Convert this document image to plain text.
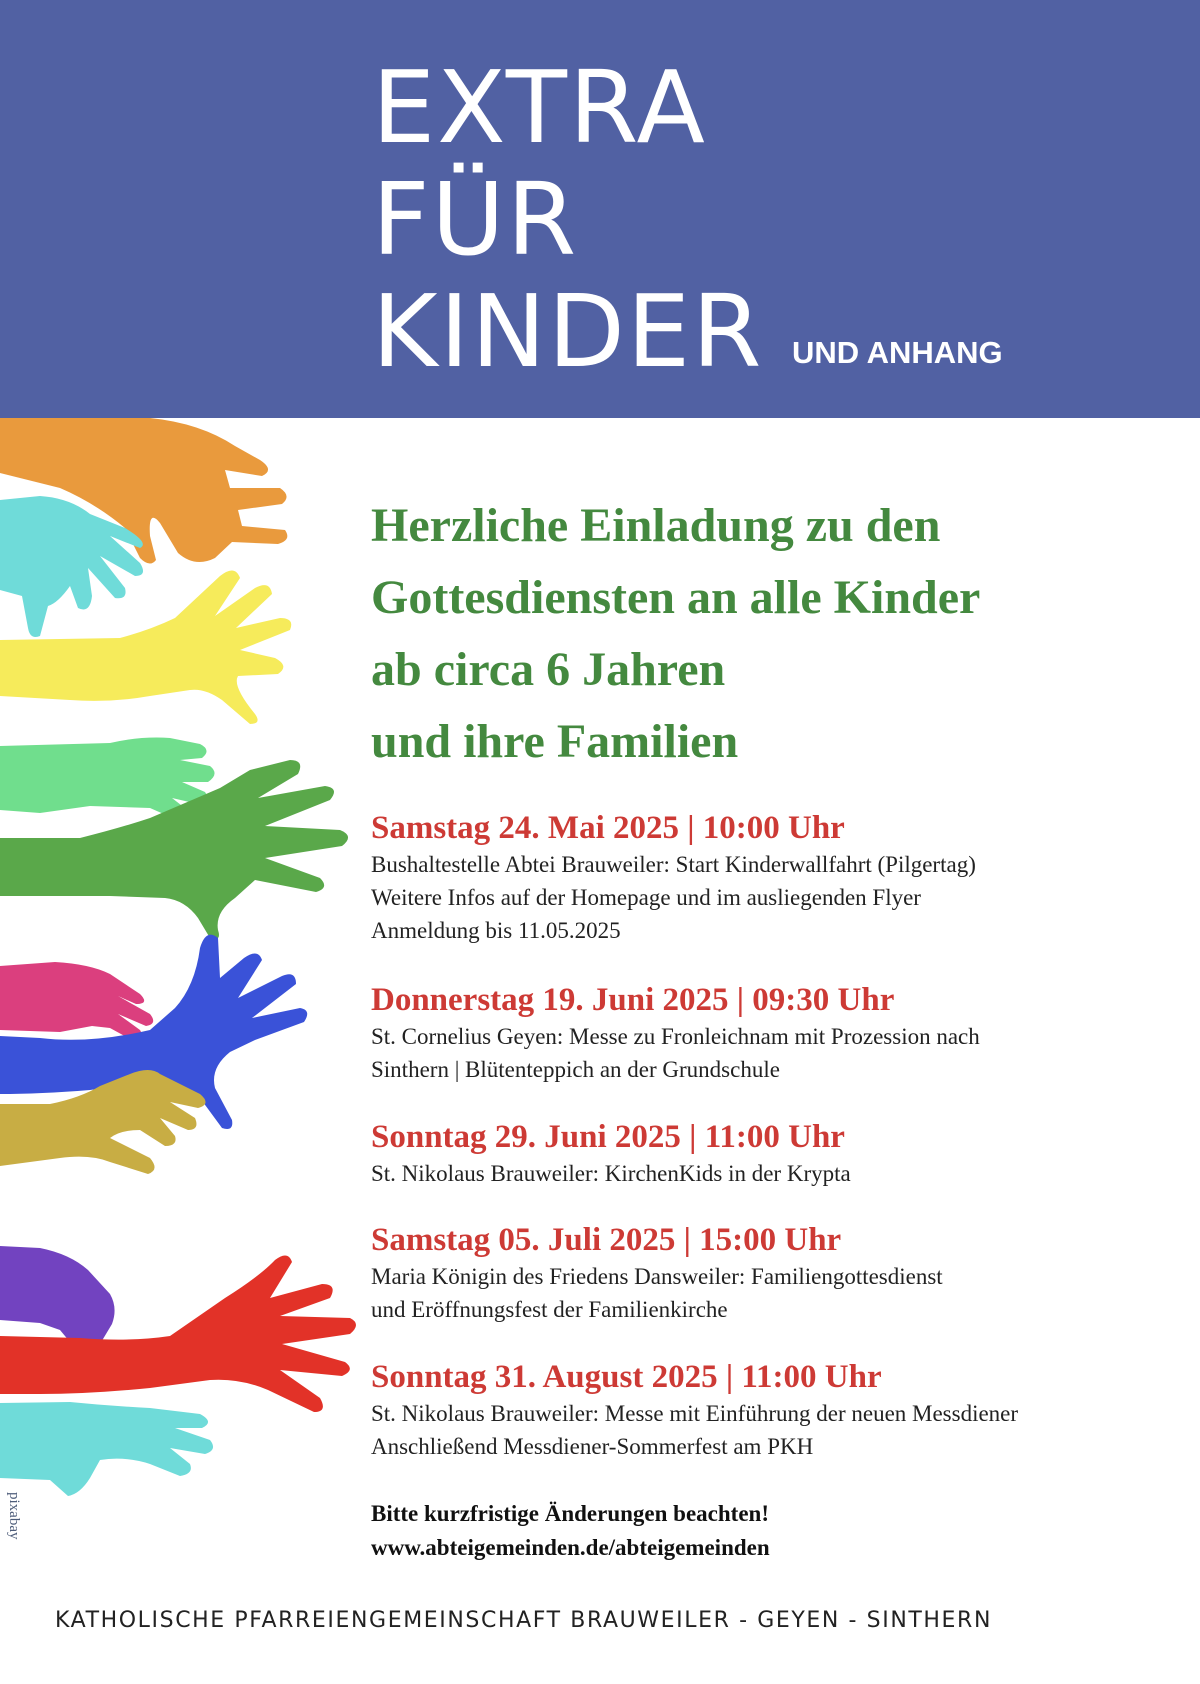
EXTRA
FÜR
KINDER UND ANHANG
pixabay
Herzliche Einladung zu den
Gottesdiensten an alle Kinder
ab circa 6 Jahren
und ihre Familien
Samstag 24. Mai 2025 | 10:00 Uhr
Bushaltestelle Abtei Brauweiler: Start Kinderwallfahrt (Pilgertag)
Weitere Infos auf der Homepage und im ausliegenden Flyer
Anmeldung bis 11.05.2025
Donnerstag 19. Juni 2025 | 09:30 Uhr
St. Cornelius Geyen: Messe zu Fronleichnam mit Prozession nach
Sinthern | Blütenteppich an der Grundschule
Sonntag 29. Juni 2025 | 11:00 Uhr
St. Nikolaus Brauweiler: KirchenKids in der Krypta
Samstag 05. Juli 2025 | 15:00 Uhr
Maria Königin des Friedens Dansweiler: Familiengottesdienst
und Eröffnungsfest der Familienkirche
Sonntag 31. August 2025 | 11:00 Uhr
St. Nikolaus Brauweiler: Messe mit Einführung der neuen Messdiener
Anschließend Messdiener-Sommerfest am PKH
Bitte kurzfristige Änderungen beachten!
www.abteigemeinden.de/abteigemeinden
KATHOLISCHE PFARREIENGEMEINSCHAFT BRAUWEILER - GEYEN - SINTHERN
